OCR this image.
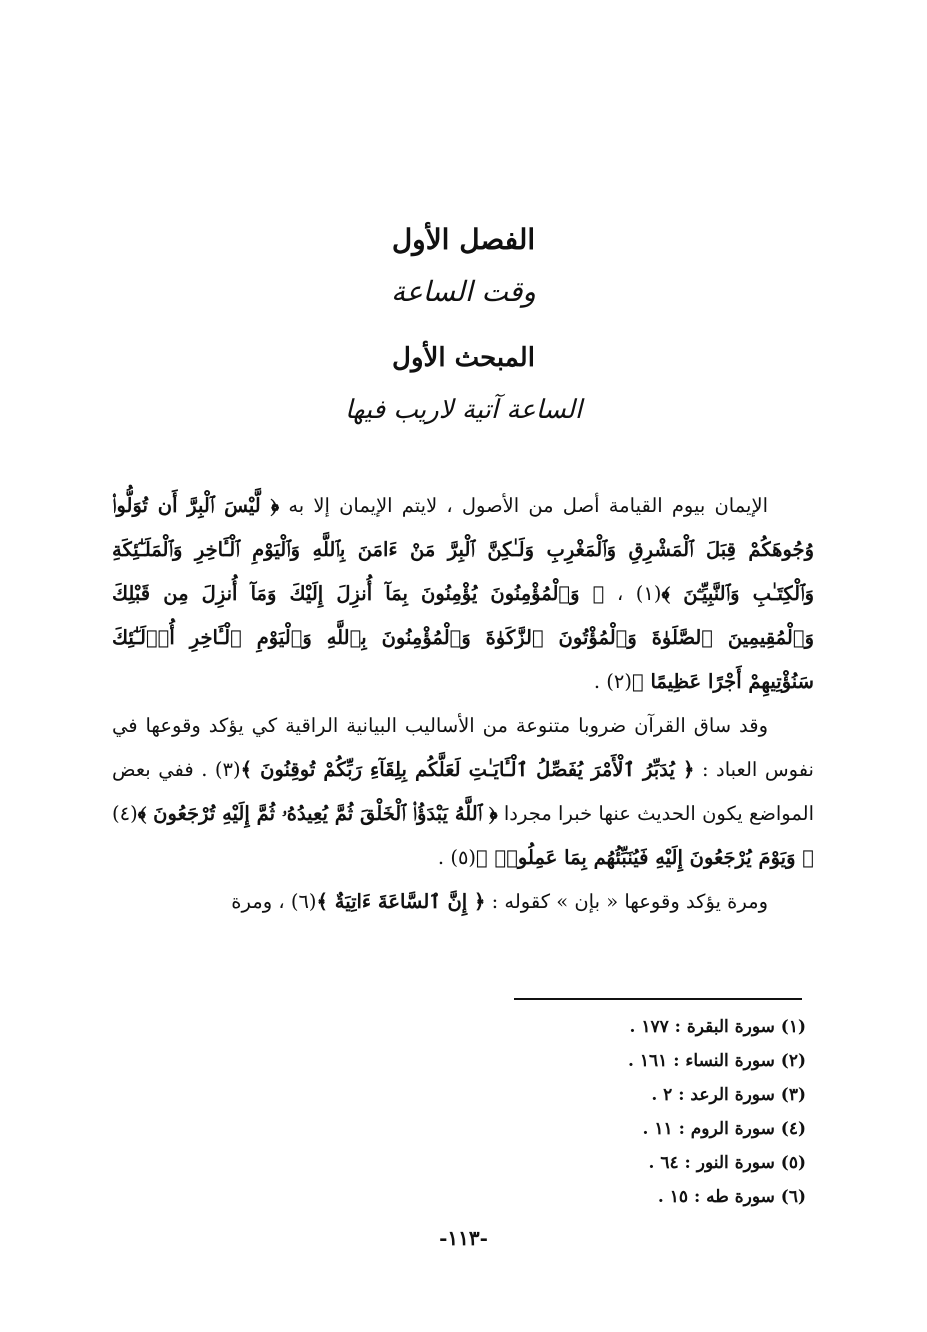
الفصل الأول

وقت الساعة

المبحث الأول

الساعة آتية لاريب فيها

الإيمان بيوم القيامة أصل من الأصول ، لايتم الإيمان إلا به ﴿ لَّيْسَ ٱلْبِرَّ أَن تُوَلُّوا۟ وُجُوهَكُمْ قِبَلَ ٱلْمَشْرِقِ وَٱلْمَغْرِبِ وَلَـٰكِنَّ ٱلْبِرَّ مَنْ ءَامَنَ بِٱللَّهِ وَٱلْيَوْمِ ٱلْـَٔاخِرِ وَٱلْمَلَـٰٓئِكَةِ وَٱلْكِتَـٰبِ وَٱلنَّبِيِّـۧنَ ﴾(١) ، ﴿ وَٱلْمُؤْمِنُونَ يُؤْمِنُونَ بِمَآ أُنزِلَ إِلَيْكَ وَمَآ أُنزِلَ مِن قَبْلِكَ وَٱلْمُقِيمِينَ ٱلصَّلَوٰةَ وَٱلْمُؤْتُونَ ٱلزَّكَوٰةَ وَٱلْمُؤْمِنُونَ بِٱللَّهِ وَٱلْيَوْمِ ٱلْـَٔاخِرِ أُو۟لَـٰٓئِكَ سَنُؤْتِيهِمْ أَجْرًا عَظِيمًا ﴾(٢) .

وقد ساق القرآن ضروبا متنوعة من الأساليب البيانية الراقية كي يؤكد وقوعها في نفوس العباد : ﴿ يُدَبِّرُ ٱلْأَمْرَ يُفَصِّلُ ٱلْـَٔايَـٰتِ لَعَلَّكُم بِلِقَآءِ رَبِّكُمْ تُوقِنُونَ ﴾(٣) . ففي بعض المواضع يكون الحديث عنها خبرا مجردا ﴿ ٱللَّهُ يَبْدَؤُا۟ ٱلْخَلْقَ ثُمَّ يُعِيدُهُۥ ثُمَّ إِلَيْهِ تُرْجَعُونَ ﴾(٤) ﴿ وَيَوْمَ يُرْجَعُونَ إِلَيْهِ فَيُنَبِّئُهُم بِمَا عَمِلُوا۟ ﴾(٥) .

ومرة يؤكد وقوعها « بإن » كقوله : ﴿ إِنَّ ٱلسَّاعَةَ ءَاتِيَةٌ ﴾(٦) ، ومرة

(١) سورة البقرة : ١٧٧ .
(٢) سورة النساء : ١٦١ .
(٣) سورة الرعد : ٢ .
(٤) سورة الروم : ١١ .
(٥) سورة النور : ٦٤ .
(٦) سورة طه : ١٥ .
-١١٣-
